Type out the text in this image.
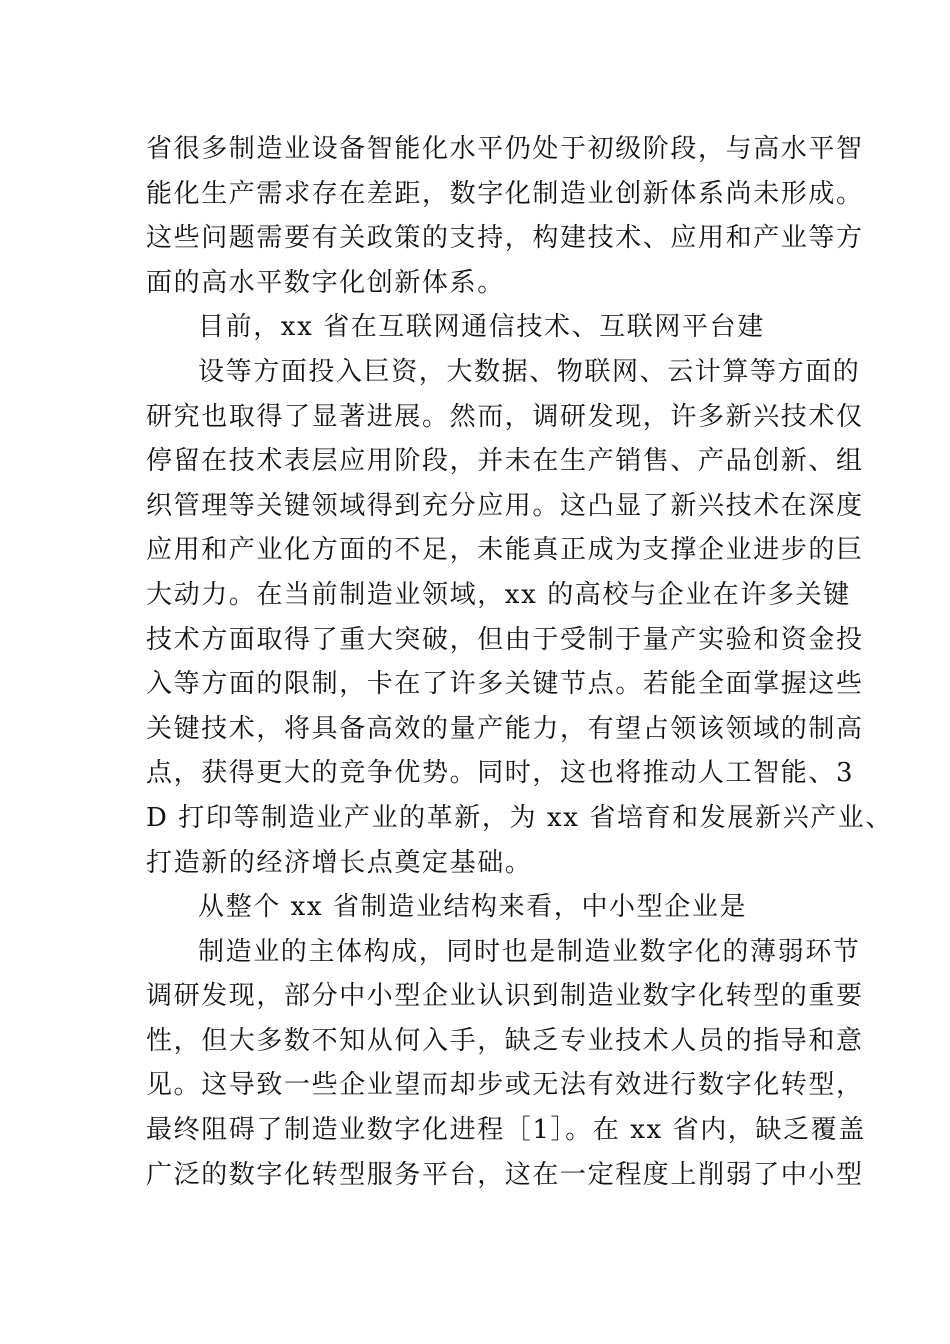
省很多制造业设备智能化水平仍处于初级阶段，与高水平智
能化生产需求存在差距，数字化制造业创新体系尚未形成。
这些问题需要有关政策的支持，构建技术、应用和产业等方
面的高水平数字化创新体系。
目前，xx 省在互联网通信技术、互联网平台建
设等方面投入巨资，大数据、物联网、云计算等方面的
研究也取得了显著进展。然而，调研发现，许多新兴技术仅
停留在技术表层应用阶段，并未在生产销售、产品创新、组
织管理等关键领域得到充分应用。这凸显了新兴技术在深度
应用和产业化方面的不足，未能真正成为支撑企业进步的巨
大动力。在当前制造业领域，xx 的高校与企业在许多关键
技术方面取得了重大突破，但由于受制于量产实验和资金投
入等方面的限制，卡在了许多关键节点。若能全面掌握这些
关键技术，将具备高效的量产能力，有望占领该领域的制高
点，获得更大的竞争优势。同时，这也将推动人工智能、3
D 打印等制造业产业的革新，为 xx 省培育和发展新兴产业、
打造新的经济增长点奠定基础。
从整个 xx 省制造业结构来看，中小型企业是
制造业的主体构成，同时也是制造业数字化的薄弱环节
调研发现，部分中小型企业认识到制造业数字化转型的重要
性，但大多数不知从何入手，缺乏专业技术人员的指导和意
见。这导致一些企业望而却步或无法有效进行数字化转型，
最终阻碍了制造业数字化进程［1］。在 xx 省内，缺乏覆盖
广泛的数字化转型服务平台，这在一定程度上削弱了中小型
